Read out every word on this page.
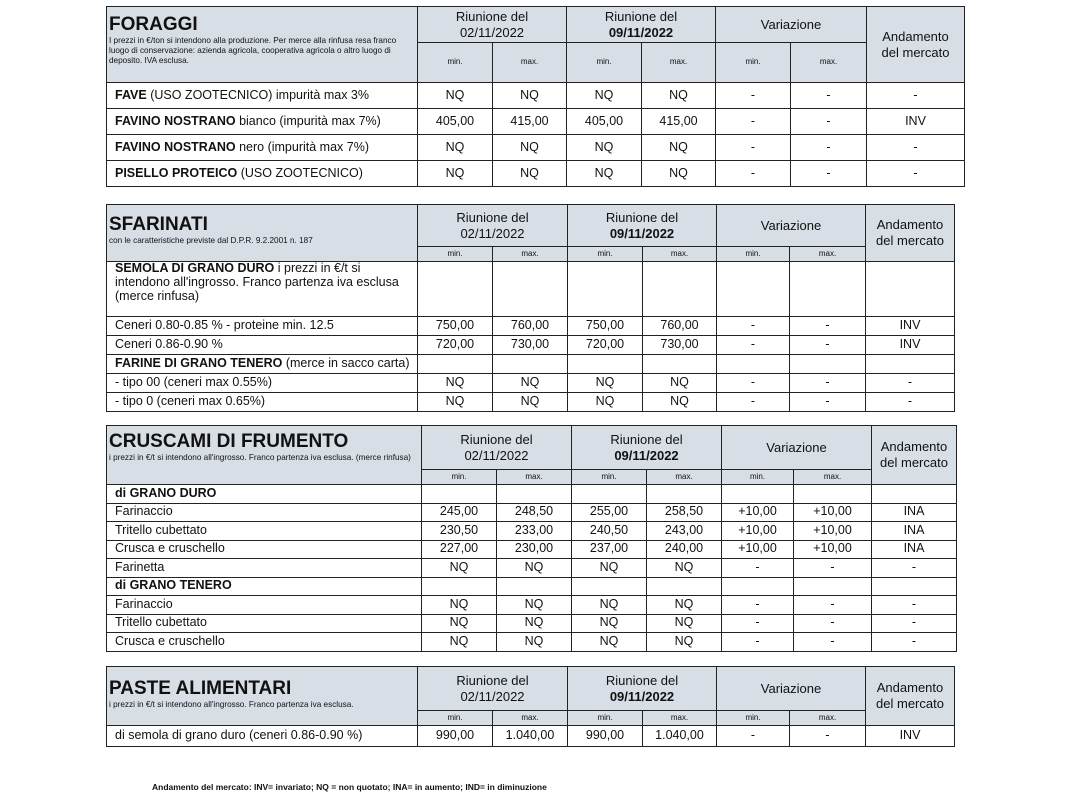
FORAGGI
I prezzi in €/ton si intendono alla produzione. Per merce alla rinfusa resa franco luogo di conservazione: azienda agricola, cooperativa agricola o altro luogo di deposito. IVA esclusa.	Riunione del
02/11/2022		Riunione del
09/11/2022		Variazione		Andamento
del mercato
	min.	max.	min.	max.	min.	max.	
FAVE (USO ZOOTECNICO) impurità max 3%	NQ	NQ	NQ	NQ	-	-	-
FAVINO NOSTRANO bianco (impurità max 7%)	405,00	415,00	405,00	415,00	-	-	INV
FAVINO NOSTRANO nero (impurità max 7%)	NQ	NQ	NQ	NQ	-	-	-
PISELLO PROTEICO (USO ZOOTECNICO)	NQ	NQ	NQ	NQ	-	-	-
SFARINATI
con le caratteristiche previste dal D.P.R. 9.2.2001 n. 187	Riunione del
02/11/2022		Riunione del
09/11/2022		Variazione		Andamento
del mercato
	min.	max.	min.	max.	min.	max.	
SEMOLA DI GRANO DURO i prezzi in €/t si intendono all'ingrosso. Franco partenza iva esclusa (merce rinfusa)							
Ceneri 0.80-0.85 % - proteine min. 12.5	750,00	760,00	750,00	760,00	-	-	INV
Ceneri 0.86-0.90 %	720,00	730,00	720,00	730,00	-	-	INV
FARINE DI GRANO TENERO (merce in sacco carta)							
- tipo 00 (ceneri max 0.55%)	NQ	NQ	NQ	NQ	-	-	-
- tipo 0 (ceneri max 0.65%)	NQ	NQ	NQ	NQ	-	-	-
CRUSCAMI DI FRUMENTO
i prezzi in €/t si intendono all'ingrosso. Franco partenza iva esclusa. (merce rinfusa)	Riunione del
02/11/2022		Riunione del
09/11/2022		Variazione		Andamento
del mercato
	min.	max.	min.	max.	min.	max.	
di GRANO DURO							
Farinaccio	245,00	248,50	255,00	258,50	+10,00	+10,00	INA
Tritello cubettato	230,50	233,00	240,50	243,00	+10,00	+10,00	INA
Crusca e cruschello	227,00	230,00	237,00	240,00	+10,00	+10,00	INA
Farinetta	NQ	NQ	NQ	NQ	-	-	-
di GRANO TENERO							
Farinaccio	NQ	NQ	NQ	NQ	-	-	-
Tritello cubettato	NQ	NQ	NQ	NQ	-	-	-
Crusca e cruschello	NQ	NQ	NQ	NQ	-	-	-
PASTE ALIMENTARI
i prezzi in €/t si intendono all'ingrosso. Franco partenza iva esclusa.	Riunione del
02/11/2022		Riunione del
09/11/2022		Variazione		Andamento
del mercato
	min.	max.	min.	max.	min.	max.	
di semola di grano duro (ceneri 0.86-0.90 %)	990,00	1.040,00	990,00	1.040,00	-	-	INV
Andamento del mercato: INV= invariato; NQ = non quotato; INA= in aumento; IND= in diminuzione
